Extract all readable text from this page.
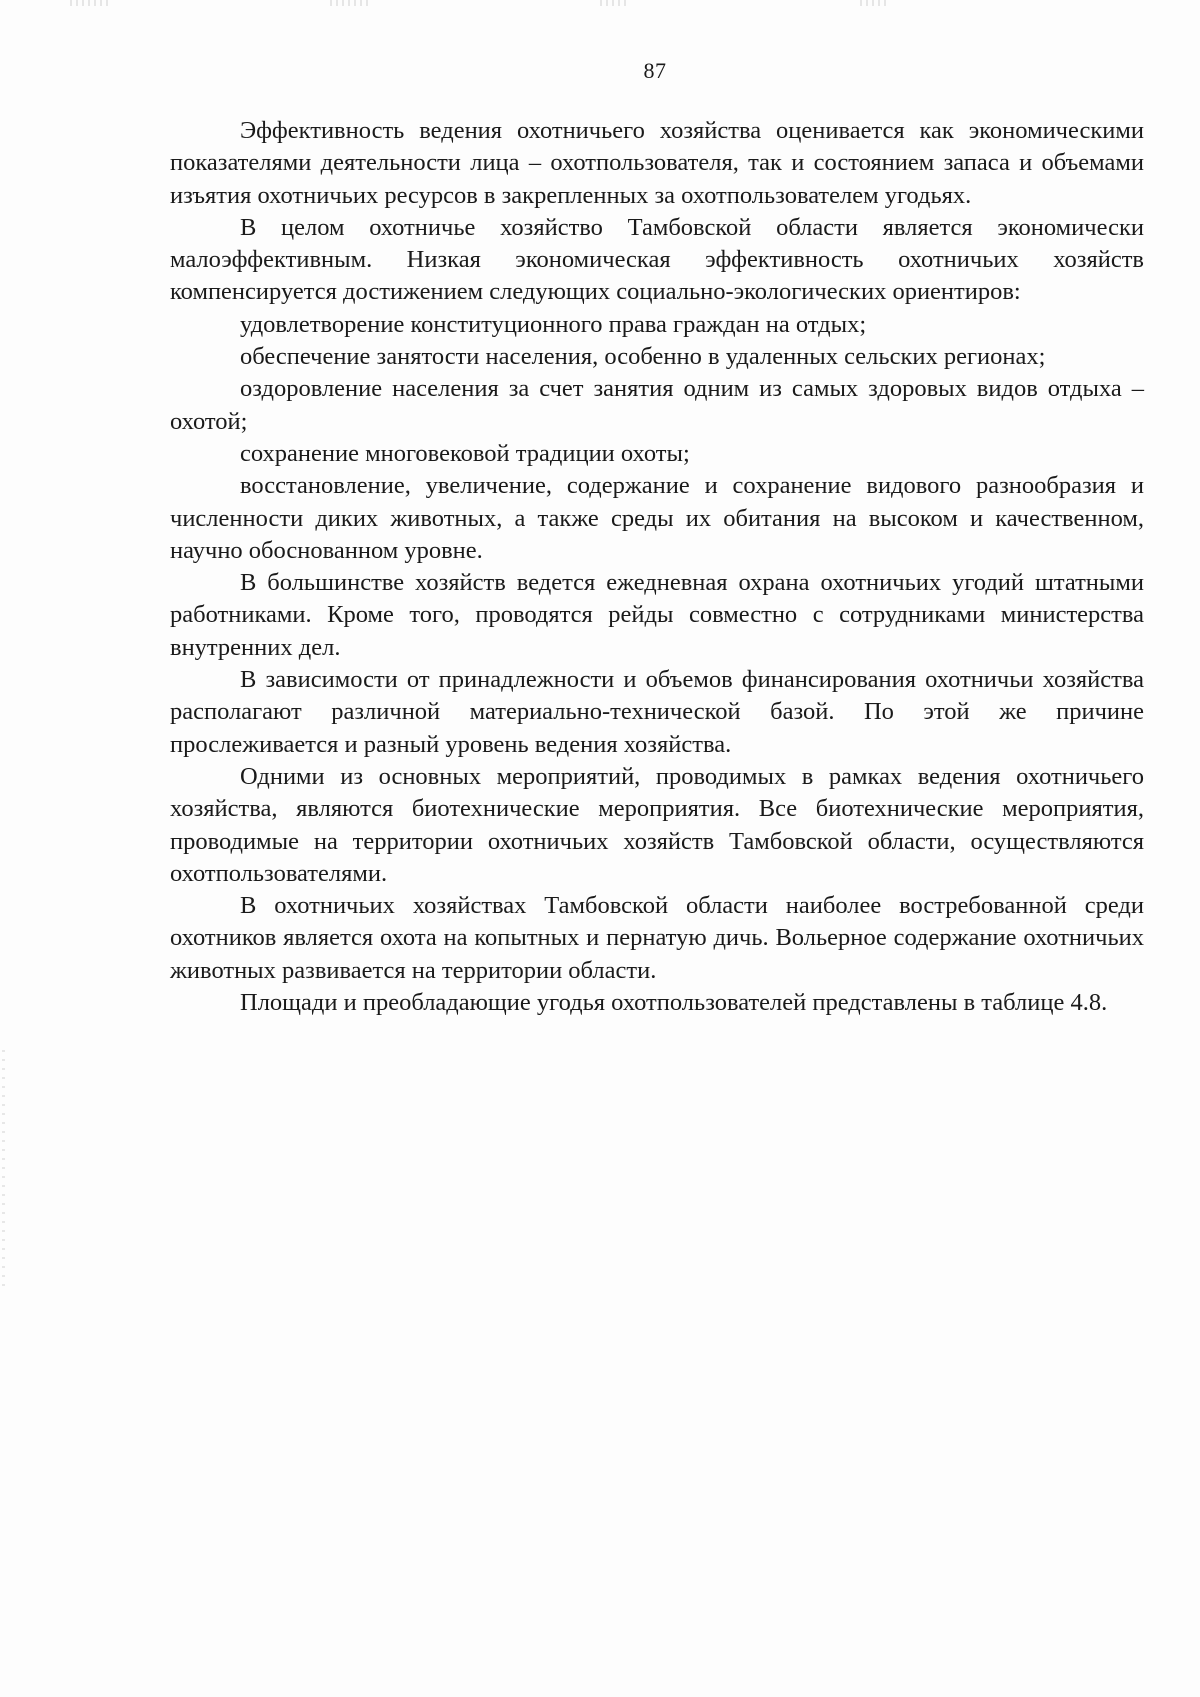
87

Эффективность ведения охотничьего хозяйства оценивается как экономическими показателями деятельности лица – охотпользователя, так и состоянием запаса и объемами изъятия охотничьих ресурсов в закрепленных за охотпользователем угодьях.

В целом охотничье хозяйство Тамбовской области является экономически малоэффективным. Низкая экономическая эффективность охотничьих хозяйств компенсируется достижением следующих социально-экологических ориентиров:

удовлетворение конституционного права граждан на отдых;

обеспечение занятости населения, особенно в удаленных сельских регионах;

оздоровление населения за счет занятия одним из самых здоровых видов отдыха – охотой;

сохранение многовековой традиции охоты;

восстановление, увеличение, содержание и сохранение видового разнообразия и численности диких животных, а также среды их обитания на высоком и качественном, научно обоснованном уровне.

В большинстве хозяйств ведется ежедневная охрана охотничьих угодий штатными работниками. Кроме того, проводятся рейды совместно с сотрудниками министерства внутренних дел.

В зависимости от принадлежности и объемов финансирования охотничьи хозяйства располагают различной материально-технической базой. По этой же причине прослеживается и разный уровень ведения хозяйства.

Одними из основных мероприятий, проводимых в рамках ведения охотничьего хозяйства, являются биотехнические мероприятия. Все биотехнические мероприятия, проводимые на территории охотничьих хозяйств Тамбовской области, осуществляются охотпользователями.

В охотничьих хозяйствах Тамбовской области наиболее востребованной среди охотников является охота на копытных и пернатую дичь. Вольерное содержание охотничьих животных развивается на территории области.

Площади и преобладающие угодья охотпользователей представлены в таблице 4.8.
